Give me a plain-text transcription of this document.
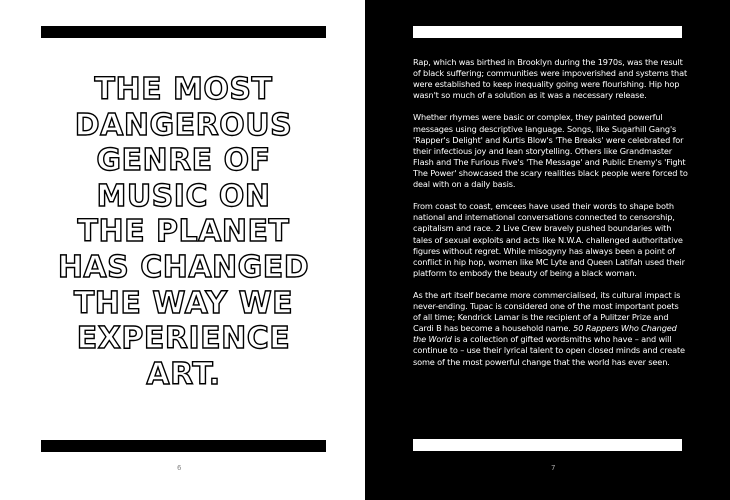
THE MOST
DANGEROUS
GENRE OF
MUSIC ON
THE PLANET
HAS CHANGED
THE WAY WE
EXPERIENCE
ART.
6

Rap, which was birthed in Brooklyn during the 1970s, was the result of black suffering; communities were impoverished and systems that were established to keep inequality going were flourishing. Hip hop wasn't so much of a solution as it was a necessary release.

Whether rhymes were basic or complex, they painted powerful messages using descriptive language. Songs, like Sugarhill Gang's 'Rapper's Delight' and Kurtis Blow's 'The Breaks' were celebrated for their infectious joy and lean storytelling. Others like Grandmaster Flash and The Furious Five's 'The Message' and Public Enemy's 'Fight The Power' showcased the scary realities black people were forced to deal with on a daily basis.

From coast to coast, emcees have used their words to shape both national and international conversations connected to censorship, capitalism and race. 2 Live Crew bravely pushed boundaries with tales of sexual exploits and acts like N.W.A. challenged authoritative figures without regret. While misogyny has always been a point of conflict in hip hop, women like MC Lyte and Queen Latifah used their platform to embody the beauty of being a black woman.

As the art itself became more commercialised, its cultural impact is never-ending. Tupac is considered one of the most important poets of all time; Kendrick Lamar is the recipient of a Pulitzer Prize and Cardi B has become a household name. 50 Rappers Who Changed the World is a collection of gifted wordsmiths who have – and will continue to – use their lyrical talent to open closed minds and create some of the most powerful change that the world has ever seen.

7
